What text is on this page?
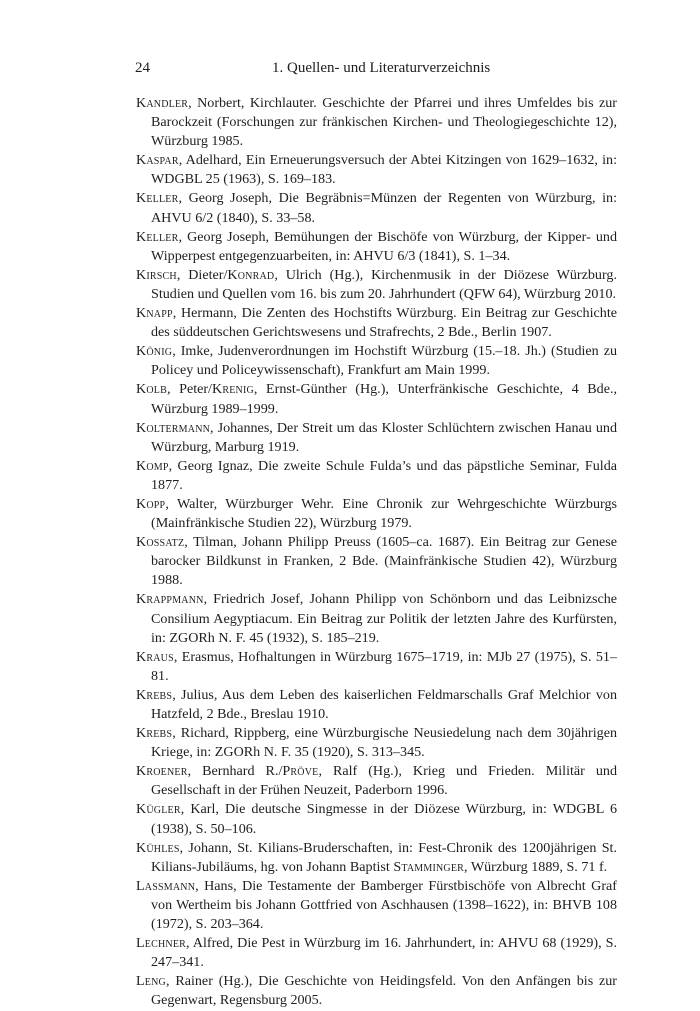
24	1. Quellen- und Literaturverzeichnis
Kandler, Norbert, Kirchlauter. Geschichte der Pfarrei und ihres Umfeldes bis zur Barockzeit (Forschungen zur fränkischen Kirchen- und Theologiegeschichte 12), Würzburg 1985.
Kaspar, Adelhard, Ein Erneuerungsversuch der Abtei Kitzingen von 1629–1632, in: WDGBL 25 (1963), S. 169–183.
Keller, Georg Joseph, Die Begräbnis=Münzen der Regenten von Würzburg, in: AHVU 6/2 (1840), S. 33–58.
Keller, Georg Joseph, Bemühungen der Bischöfe von Würzburg, der Kipper- und Wipperpest entgegenzuarbeiten, in: AHVU 6/3 (1841), S. 1–34.
Kirsch, Dieter/Konrad, Ulrich (Hg.), Kirchenmusik in der Diözese Würzburg. Studien und Quellen vom 16. bis zum 20. Jahrhundert (QFW 64), Würzburg 2010.
Knapp, Hermann, Die Zenten des Hochstifts Würzburg. Ein Beitrag zur Geschichte des süddeutschen Gerichtswesens und Strafrechts, 2 Bde., Berlin 1907.
König, Imke, Judenverordnungen im Hochstift Würzburg (15.–18. Jh.) (Studien zu Policey und Policeywissenschaft), Frankfurt am Main 1999.
Kolb, Peter/Krenig, Ernst-Günther (Hg.), Unterfränkische Geschichte, 4 Bde., Würzburg 1989–1999.
Koltermann, Johannes, Der Streit um das Kloster Schlüchtern zwischen Hanau und Würzburg, Marburg 1919.
Komp, Georg Ignaz, Die zweite Schule Fulda’s und das päpstliche Seminar, Fulda 1877.
Kopp, Walter, Würzburger Wehr. Eine Chronik zur Wehrgeschichte Würzburgs (Mainfränkische Studien 22), Würzburg 1979.
Kossatz, Tilman, Johann Philipp Preuss (1605–ca. 1687). Ein Beitrag zur Genese barocker Bildkunst in Franken, 2 Bde. (Mainfränkische Studien 42), Würzburg 1988.
Krappmann, Friedrich Josef, Johann Philipp von Schönborn und das Leibnizsche Consilium Aegyptiacum. Ein Beitrag zur Politik der letzten Jahre des Kurfürsten, in: ZGORh N. F. 45 (1932), S. 185–219.
Kraus, Erasmus, Hofhaltungen in Würzburg 1675–1719, in: MJb 27 (1975), S. 51–81.
Krebs, Julius, Aus dem Leben des kaiserlichen Feldmarschalls Graf Melchior von Hatzfeld, 2 Bde., Breslau 1910.
Krebs, Richard, Rippberg, eine Würzburgische Neusiedelung nach dem 30jährigen Kriege, in: ZGORh N. F. 35 (1920), S. 313–345.
Kroener, Bernhard R./Pröve, Ralf (Hg.), Krieg und Frieden. Militär und Gesellschaft in der Frühen Neuzeit, Paderborn 1996.
Kügler, Karl, Die deutsche Singmesse in der Diözese Würzburg, in: WDGBL 6 (1938), S. 50–106.
Kühles, Johann, St. Kilians-Bruderschaften, in: Fest-Chronik des 1200jährigen St. Kilians-Jubiläums, hg. von Johann Baptist Stamminger, Würzburg 1889, S. 71 f.
Lassmann, Hans, Die Testamente der Bamberger Fürstbischöfe von Albrecht Graf von Wertheim bis Johann Gottfried von Aschhausen (1398–1622), in: BHVB 108 (1972), S. 203–364.
Lechner, Alfred, Die Pest in Würzburg im 16. Jahrhundert, in: AHVU 68 (1929), S. 247–341.
Leng, Rainer (Hg.), Die Geschichte von Heidingsfeld. Von den Anfängen bis zur Gegenwart, Regensburg 2005.
